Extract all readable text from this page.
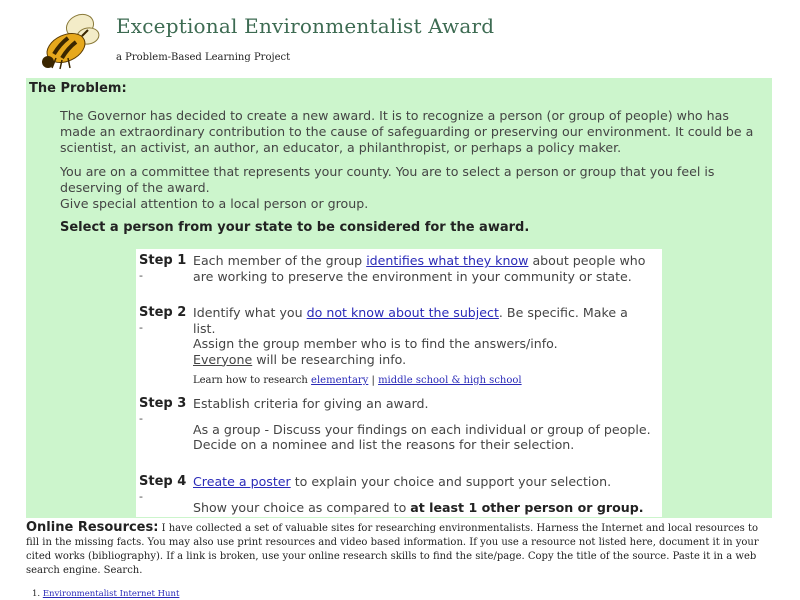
Exceptional Environmentalist Award
a Problem-Based Learning Project
The Problem:
The Governor has decided to create a new award. It is to recognize a person (or group of people) who has made an extraordinary contribution to the cause of safeguarding or preserving our environment. It could be a scientist, an activist, an author, an educator, a philanthropist, or perhaps a policy maker.
You are on a committee that represents your county. You are to select a person or group that you feel is deserving of the award.
Give special attention to a local person or group.
Select a person from your state to be considered for the award.
Step 1
-

Each member of the group identifies what they know about people who are working to preserve the environment in your community or state.

Step 2
-

Identify what you do not know about the subject. Be specific. Make a list.

Assign the group member who is to find the answers/info.

Everyone will be researching info.

Learn how to research elementary | middle school & high school

Step 3
-

Establish criteria for giving an award.

As a group - Discuss your findings on each individual or group of people.

Decide on a nominee and list the reasons for their selection.

Step 4
-

Create a poster to explain your choice and support your selection.

Show your choice as compared to at least 1 other person or group.

Online Resources: I have collected a set of valuable sites for researching environmentalists. Harness the Internet and local resources to fill in the missing facts. You may also use print resources and video based information. If you use a resource not listed here, document it in your cited works (bibliography). If a link is broken, use your online research skills to find the site/page. Copy the title of the source. Paste it in a web search engine. Search.
1. Environmentalist Internet Hunt
